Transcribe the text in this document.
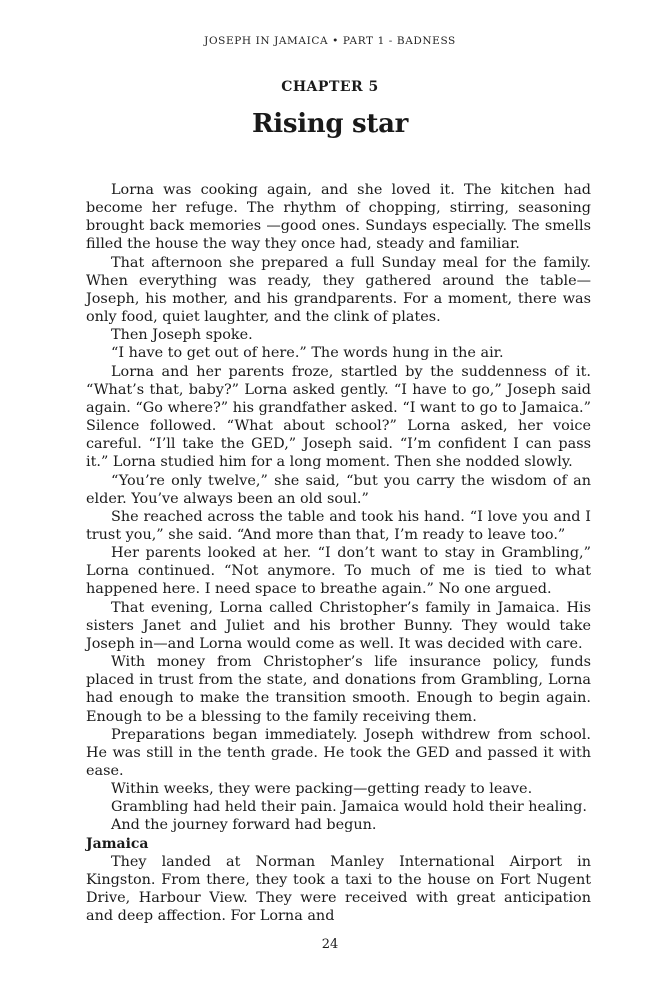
JOSEPH IN JAMAICA • PART 1 - BADNESS
CHAPTER 5
Rising star

Lorna was cooking again, and she loved it. The kitchen had become her refuge. The rhythm of chopping, stirring, seasoning brought back memories —good ones. Sundays especially. The smells filled the house the way they once had, steady and familiar.

That afternoon she prepared a full Sunday meal for the family. When everything was ready, they gathered around the table—Joseph, his mother, and his grandparents. For a moment, there was only food, quiet laughter, and the clink of plates.

Then Joseph spoke.

“I have to get out of here.” The words hung in the air.

Lorna and her parents froze, startled by the suddenness of it. “What’s that, baby?” Lorna asked gently. “I have to go,” Joseph said again. “Go where?” his grandfather asked. “I want to go to Jamaica.” Silence followed. “What about school?” Lorna asked, her voice careful. “I’ll take the GED,” Joseph said. “I’m confident I can pass it.” Lorna studied him for a long moment. Then she nodded slowly.

“You’re only twelve,” she said, “but you carry the wisdom of an elder. You’ve always been an old soul.”

She reached across the table and took his hand. “I love you and I trust you,” she said. “And more than that, I’m ready to leave too.”

Her parents looked at her. “I don’t want to stay in Grambling,” Lorna continued. “Not anymore. To much of me is tied to what happened here. I need space to breathe again.” No one argued.

That evening, Lorna called Christopher’s family in Jamaica. His sisters Janet and Juliet and his brother Bunny. They would take Joseph in—and Lorna would come as well. It was decided with care.

With money from Christopher’s life insurance policy, funds placed in trust from the state, and donations from Grambling, Lorna had enough to make the transition smooth. Enough to begin again. Enough to be a blessing to the family receiving them.

Preparations began immediately. Joseph withdrew from school. He was still in the tenth grade. He took the GED and passed it with ease.

Within weeks, they were packing—getting ready to leave.

Grambling had held their pain. Jamaica would hold their healing.

And the journey forward had begun.

Jamaica

They landed at Norman Manley International Airport in Kingston. From there, they took a taxi to the house on Fort Nugent Drive, Harbour View. They were received with great anticipation and deep affection. For Lorna and

24
